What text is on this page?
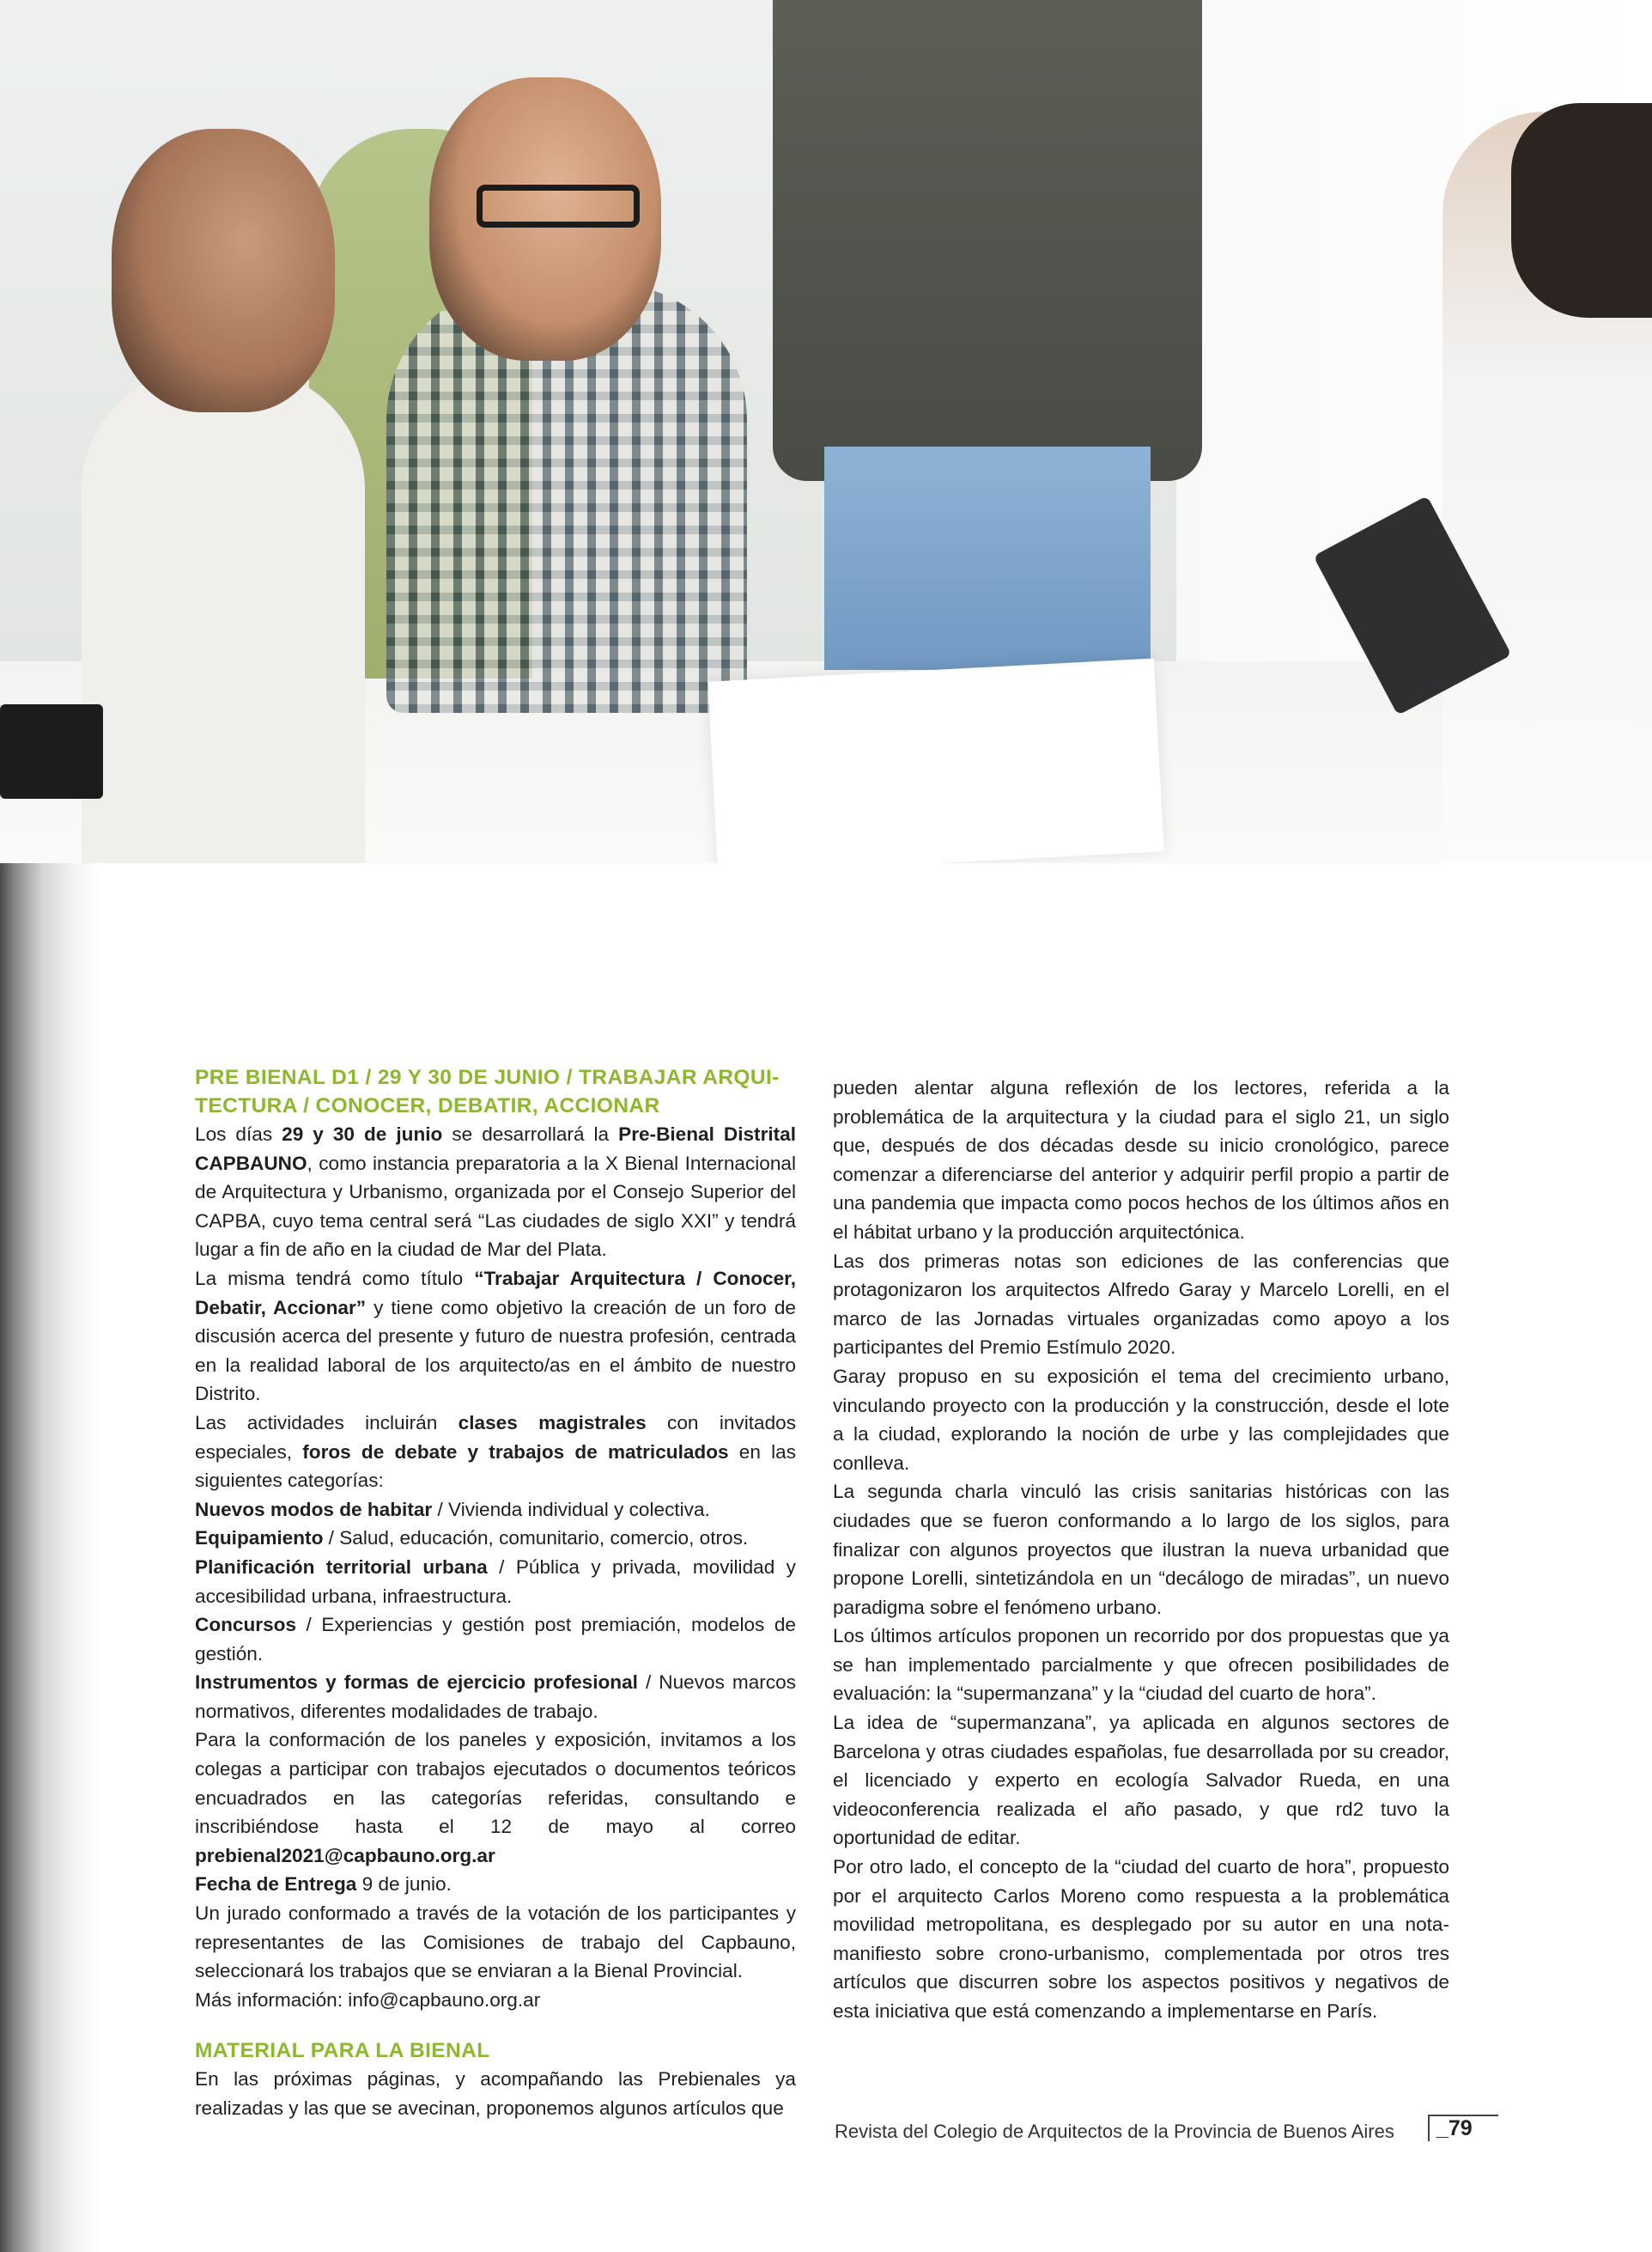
PRE BIENAL D1 / 29 Y 30 DE JUNIO / TRABAJAR ARQUI- TECTURA / CONOCER, DEBATIR, ACCIONAR

Los días 29 y 30 de junio se desarrollará la Pre-Bienal Distrital CAPBAUNO, como instancia preparatoria a la X Bienal Internacional de Arquitectura y Urbanismo, organizada por el Consejo Superior del CAPBA, cuyo tema central será “Las ciudades de siglo XXI” y tendrá lugar a fin de año en la ciudad de Mar del Plata.

La misma tendrá como título “Trabajar Arquitectura / Conocer, Debatir, Accionar” y tiene como objetivo la creación de un foro de discusión acerca del presente y futuro de nuestra profesión, centrada en la realidad laboral de los arquitecto/as en el ámbito de nuestro Distrito.

Las actividades incluirán clases magistrales con invitados especiales, foros de debate y trabajos de matriculados en las siguientes categorías:

Nuevos modos de habitar / Vivienda individual y colectiva.

Equipamiento / Salud, educación, comunitario, comercio, otros.

Planificación territorial urbana / Pública y privada, movilidad y accesibilidad urbana, infraestructura.

Concursos / Experiencias y gestión post premiación, modelos de gestión.

Instrumentos y formas de ejercicio profesional / Nuevos marcos normativos, diferentes modalidades de trabajo.

Para la conformación de los paneles y exposición, invitamos a los colegas a participar con trabajos ejecutados o documentos teóricos encuadrados en las categorías referidas, consultando e inscribiéndose hasta el 12 de mayo al correo prebienal2021@capbauno.org.ar

Fecha de Entrega 9 de junio.

Un jurado conformado a través de la votación de los participantes y representantes de las Comisiones de trabajo del Capbauno, seleccionará los trabajos que se enviaran a la Bienal Provincial.

Más información: info@capbauno.org.ar

MATERIAL PARA LA BIENAL

En las próximas páginas, y acompañando las Prebienales ya realizadas y las que se avecinan, proponemos algunos artículos que

pueden alentar alguna reflexión de los lectores, referida a la problemática de la arquitectura y la ciudad para el siglo 21, un siglo que, después de dos décadas desde su inicio cronológico, parece comenzar a diferenciarse del anterior y adquirir perfil propio a partir de una pandemia que impacta como pocos hechos de los últimos años en el hábitat urbano y la producción arquitectónica.

Las dos primeras notas son ediciones de las conferencias que protagonizaron los arquitectos Alfredo Garay y Marcelo Lorelli, en el marco de las Jornadas virtuales organizadas como apoyo a los participantes del Premio Estímulo 2020.

Garay propuso en su exposición el tema del crecimiento urbano, vinculando proyecto con la producción y la construcción, desde el lote a la ciudad, explorando la noción de urbe y las complejidades que conlleva.

La segunda charla vinculó las crisis sanitarias históricas con las ciudades que se fueron conformando a lo largo de los siglos, para finalizar con algunos proyectos que ilustran la nueva urbanidad que propone Lorelli, sintetizándola en un “decálogo de miradas”, un nuevo paradigma sobre el fenómeno urbano.

Los últimos artículos proponen un recorrido por dos propuestas que ya se han implementado parcialmente y que ofrecen posibilidades de evaluación: la “supermanzana” y la “ciudad del cuarto de hora”.

La idea de “supermanzana”, ya aplicada en algunos sectores de Barcelona y otras ciudades españolas, fue desarrollada por su creador, el licenciado y experto en ecología Salvador Rueda, en una videoconferencia realizada el año pasado, y que rd2 tuvo la oportunidad de editar.

Por otro lado, el concepto de la “ciudad del cuarto de hora”, propuesto por el arquitecto Carlos Moreno como respuesta a la problemática movilidad metropolitana, es desplegado por su autor en una nota-manifiesto sobre crono-urbanismo, complementada por otros tres artículos que discurren sobre los aspectos positivos y negativos de esta iniciativa que está comenzando a implementarse en París.

Revista del Colegio de Arquitectos de la Provincia de Buenos Aires	_79
